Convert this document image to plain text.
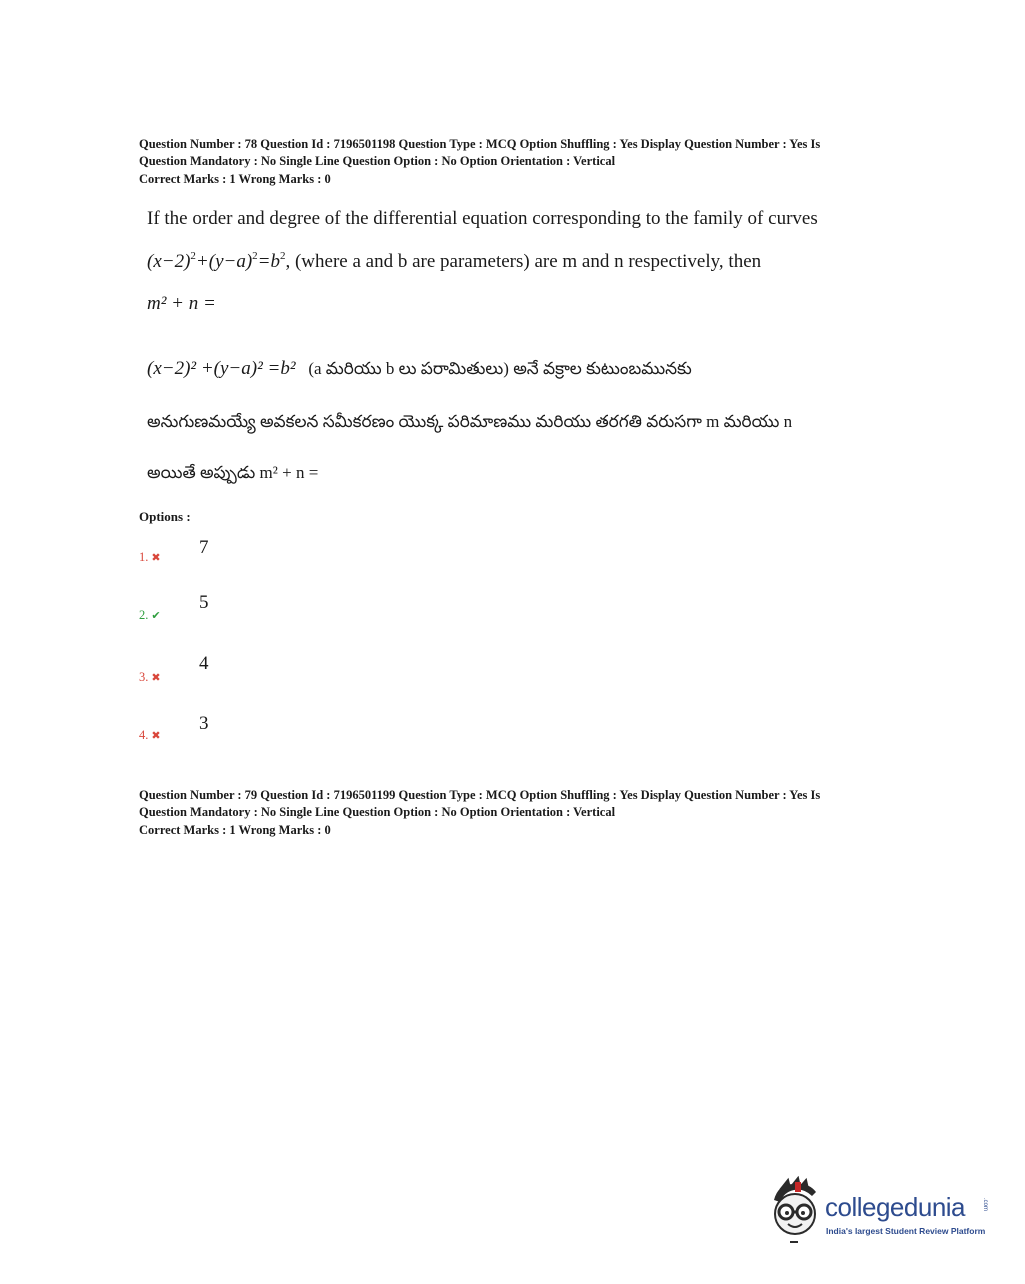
Question Number : 78 Question Id : 7196501198 Question Type : MCQ Option Shuffling : Yes Display Question Number : Yes Is
Question Mandatory : No Single Line Question Option : No Option Orientation : Vertical
Correct Marks : 1 Wrong Marks : 0
If the order and degree of the differential equation corresponding to the family of curves
$(x-2)^2+(y-a)^2=b^2$, (where a and b are parameters) are m and n respectively, then
m² + n =
(x−2)² +(y−a)² =b² (a మరియు b లు పరామితులు) అనే వక్రాల కుటుంబమునకు
అనుగుణమయ్యే అవకలన సమీకరణం యొక్క పరిమాణము మరియు తరగతి వరుసగా m మరియు n
అయితే అప్పుడు m² + n =
Options :
1. ✖ 7
2. ✔
5
3. ✖
4
4. ✖
3
Question Number : 79 Question Id : 7196501199 Question Type : MCQ Option Shuffling : Yes Display Question Number : Yes Is
Question Mandatory : No Single Line Question Option : No Option Orientation : Vertical
Correct Marks : 1 Wrong Marks : 0
collegedunia	.com
India's largest Student Review Platform
